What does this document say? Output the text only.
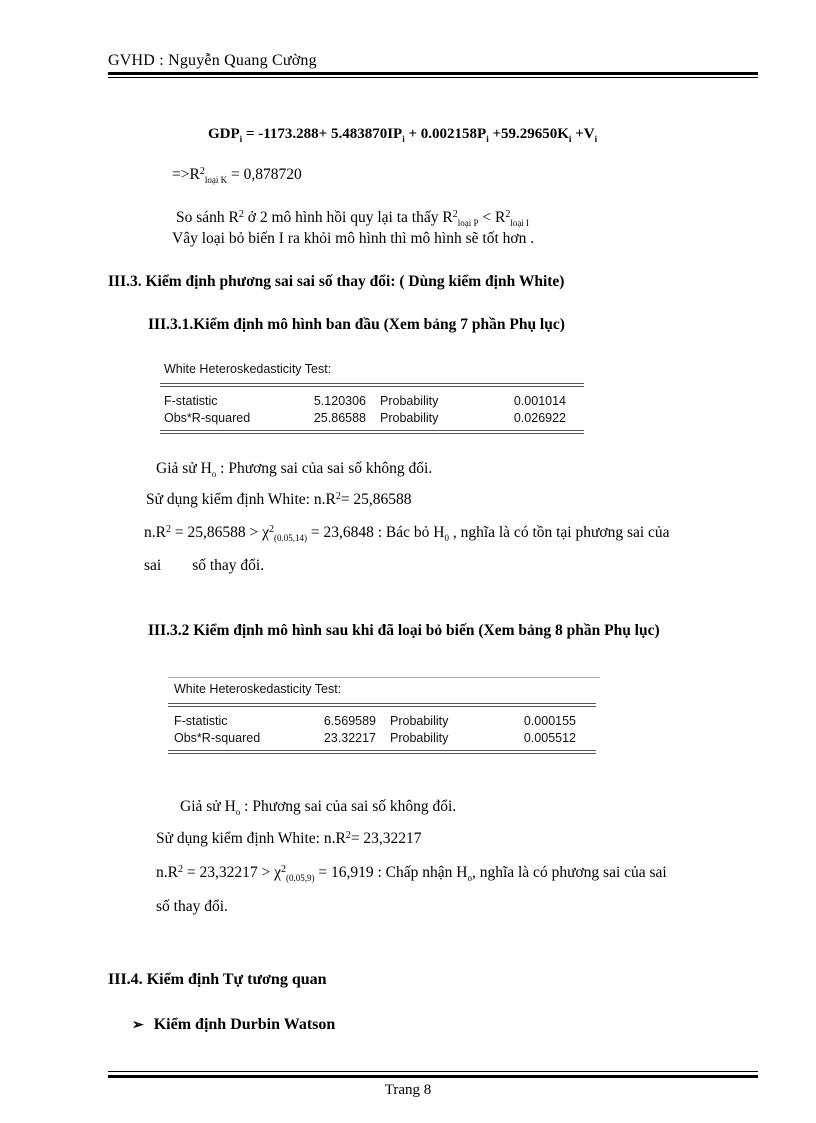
GVHD : Nguyễn Quang Cường
$GDP_i = -1173.288+ 5.483870IP_i + 0.002158P_i +59.29650K_i +V_i$
$=>R^2_{loại K} = 0,878720$
So sánh $R^2$ ở 2 mô hình hồi quy lại ta thấy $R^2_{loại P} < R^2_{loại I}$
Vây loại bỏ biến I ra khỏi mô hình thì mô hình sẽ tốt hơn .
III.3. Kiểm định phương sai sai số thay đổi: ( Dùng kiểm định White)
III.3.1.Kiểm định mô hình ban đầu (Xem bảng 7 phần Phụ lục)
White Heteroskedasticity Test:
F-statistic	5.120306	Probability	0.001014
Obs*R-squared	25.86588	Probability	0.026922
Giả sử $H_o$ : Phương sai của sai số không đổi.
Sử dụng kiểm định White: $n.R^2= 25,86588$
$n.R^2 = 25,86588 > \chi^2_{(0.05,14)} = 23,6848$ : Bác bỏ $H_0$ , nghĩa là có tồn tại phương sai của
sai        số thay đổi.
III.3.2 Kiểm định mô hình sau khi đã loại bỏ biến (Xem bảng 8 phần Phụ lục)
White Heteroskedasticity Test:
F-statistic	6.569589	Probability	0.000155
Obs*R-squared	23.32217	Probability	0.005512
Giả sử $H_o$ : Phương sai của sai số không đổi.
Sử dụng kiểm định White: $n.R^2= 23,32217$
$n.R^2 = 23,32217 > \chi^2_{(0.05,9)} = 16,919$ : Chấp nhận $H_o$, nghĩa là có phương sai của sai
số thay đổi.
III.4. Kiểm định Tự tương quan
➢ Kiểm định Durbin Watson
Trang 8
